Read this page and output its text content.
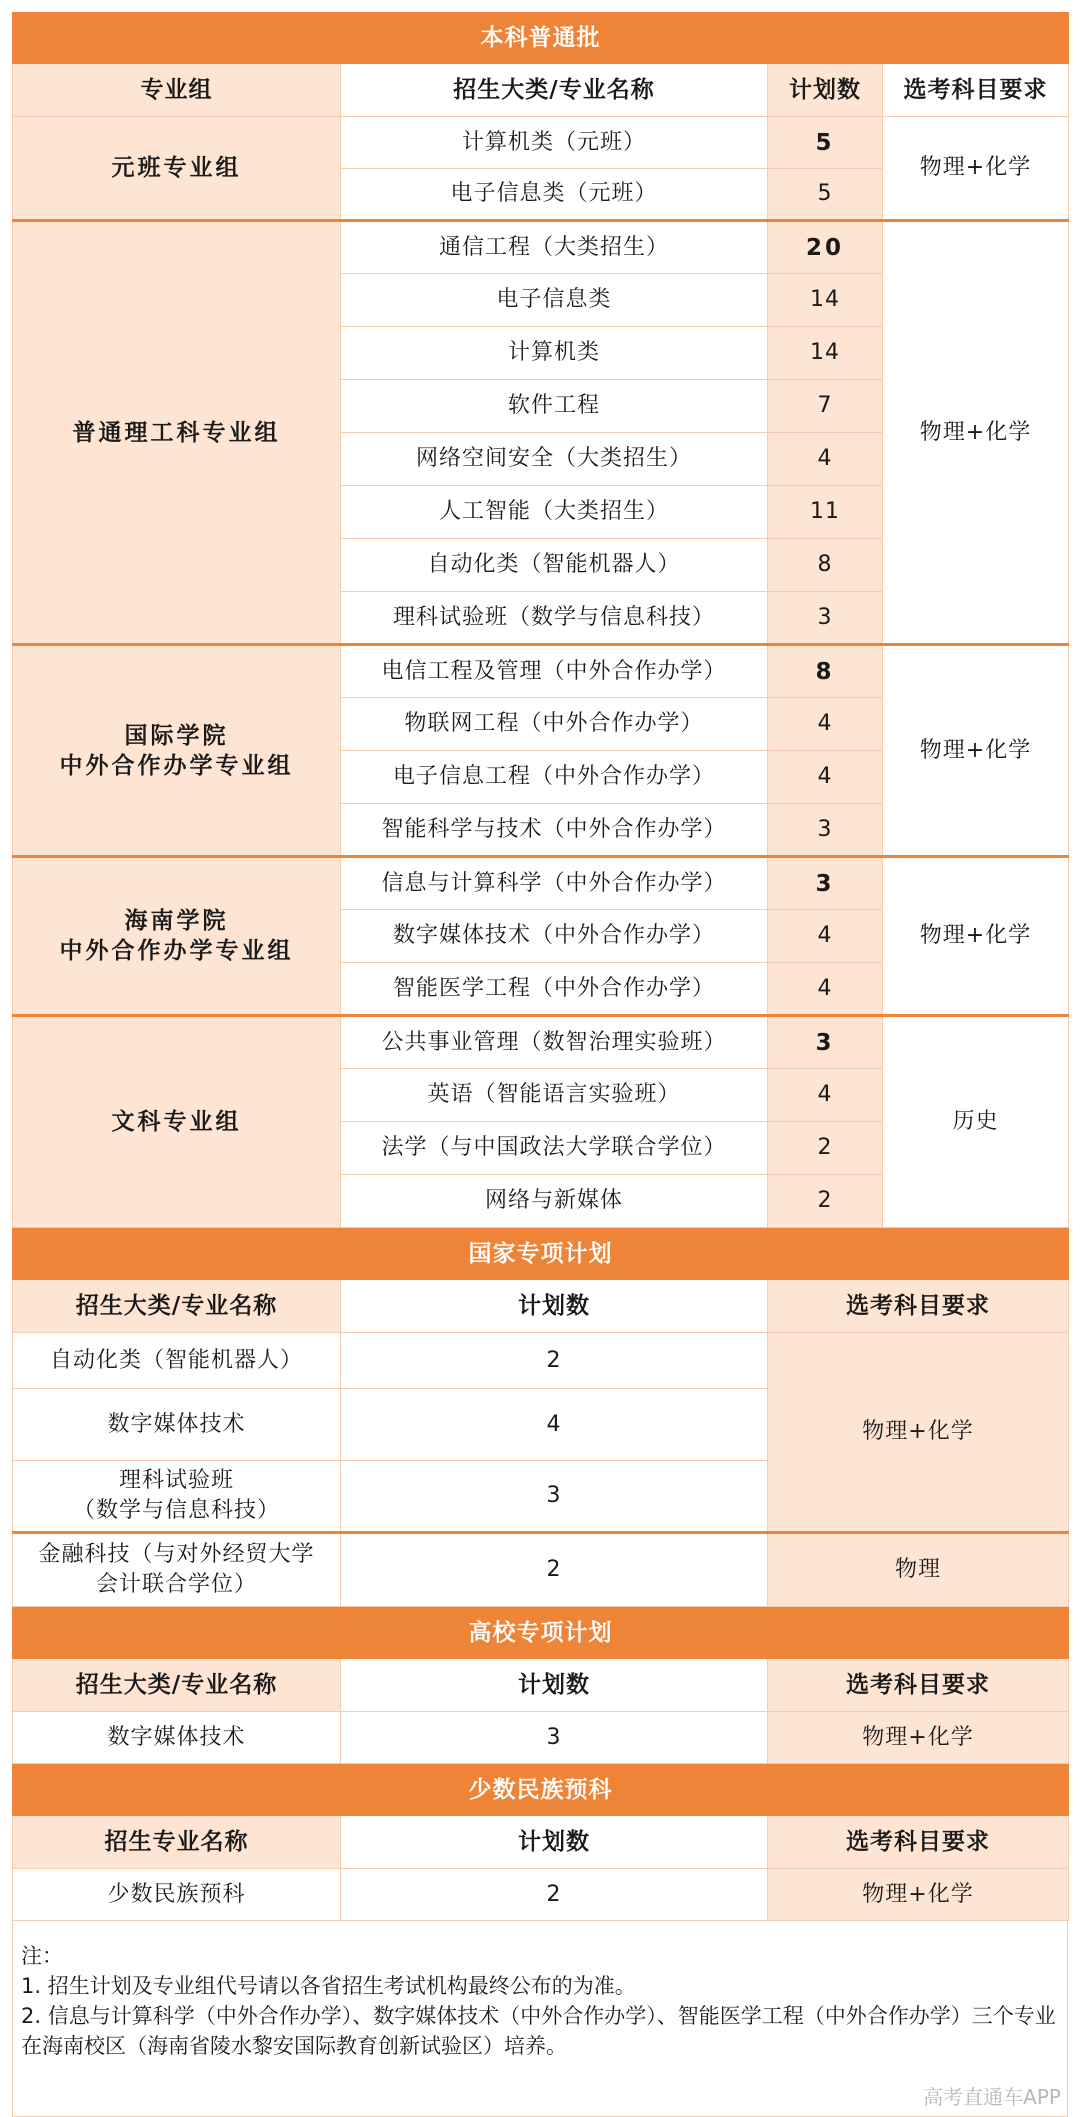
本科普通批			
专业组	招生大类/专业名称	计划数	选考科目要求
元班专业组	计算机类（元班）	5	物理+化学
	电子信息类（元班）	5	
普通理工科专业组	通信工程（大类招生）	20	物理+化学
	电子信息类	14	
	计算机类	14	
	软件工程	7	
	网络空间安全（大类招生）	4	
	人工智能（大类招生）	11	
	自动化类（智能机器人）	8	
	理科试验班（数学与信息科技）	3	
国际学院
中外合作办学专业组	电信工程及管理（中外合作办学）	8	物理+化学
	物联网工程（中外合作办学）	4	
	电子信息工程（中外合作办学）	4	
	智能科学与技术（中外合作办学）	3	
海南学院
中外合作办学专业组	信息与计算科学（中外合作办学）	3	物理+化学
	数字媒体技术（中外合作办学）	4	
	智能医学工程（中外合作办学）	4	
文科专业组	公共事业管理（数智治理实验班）	3	历史
	英语（智能语言实验班）	4	
	法学（与中国政法大学联合学位）	2	
	网络与新媒体	2	
国家专项计划		
招生大类/专业名称	计划数	选考科目要求
自动化类（智能机器人）	2	物理+化学
数字媒体技术	4	
理科试验班
（数学与信息科技）	3	
金融科技（与对外经贸大学
会计联合学位）	2	物理
高校专项计划		
招生大类/专业名称	计划数	选考科目要求
数字媒体技术	3	物理+化学
少数民族预科		
招生专业名称	计划数	选考科目要求
少数民族预科	2	物理+化学

注：

1. 招生计划及专业组代号请以各省招生考试机构最终公布的为准。

2. 信息与计算科学（中外合作办学）、数字媒体技术（中外合作办学）、智能医学工程（中外合作办学）三个专业在海南校区（海南省陵水黎安国际教育创新试验区）培养。

高考直通车APP
